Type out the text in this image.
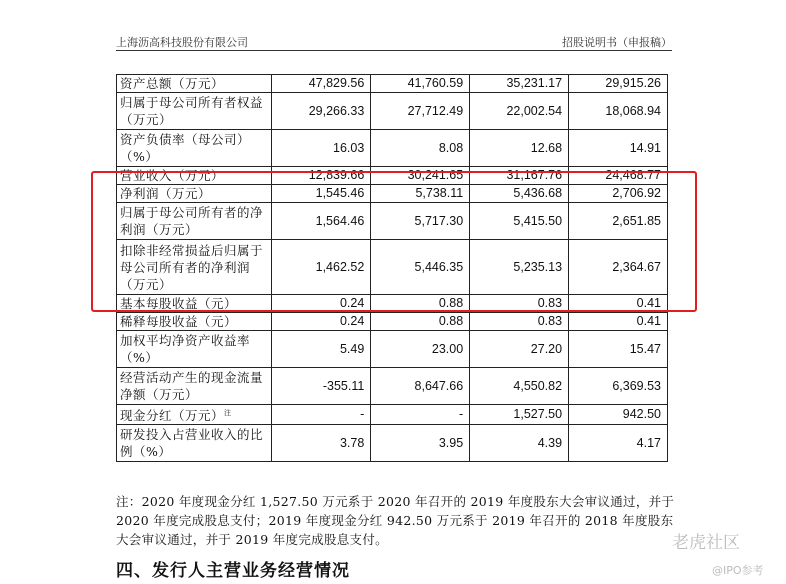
上海沥高科技股份有限公司	招股说明书（申报稿）
资产总额（万元）	47,829.56	41,760.59	35,231.17	29,915.26
归属于母公司所有者权益（万元）	29,266.33	27,712.49	22,002.54	18,068.94
资产负债率（母公司）（%）	16.03	8.08	12.68	14.91
营业收入（万元）	12,839.66	30,241.65	31,167.76	24,468.77
净利润（万元）	1,545.46	5,738.11	5,436.68	2,706.92
归属于母公司所有者的净利润（万元）	1,564.46	5,717.30	5,415.50	2,651.85
扣除非经常损益后归属于母公司所有者的净利润（万元）	1,462.52	5,446.35	5,235.13	2,364.67
基本每股收益（元）	0.24	0.88	0.83	0.41
稀释每股收益（元）	0.24	0.88	0.83	0.41
加权平均净资产收益率（%）	5.49	23.00	27.20	15.47
经营活动产生的现金流量净额（万元）	-355.11	8,647.66	4,550.82	6,369.53
现金分红（万元）$^注$	-	-	1,527.50	942.50
研发投入占营业收入的比例（%）	3.78	3.95	4.39	4.17
注：2020 年度现金分红 1,527.50 万元系于 2020 年召开的 2019 年度股东大会审议通过，并于 2020 年度完成股息支付；2019 年度现金分红 942.50 万元系于 2019 年召开的 2018 年度股东大会审议通过，并于 2019 年度完成股息支付。
四、发行人主营业务经营情况
老虎社区
@IPO参考
